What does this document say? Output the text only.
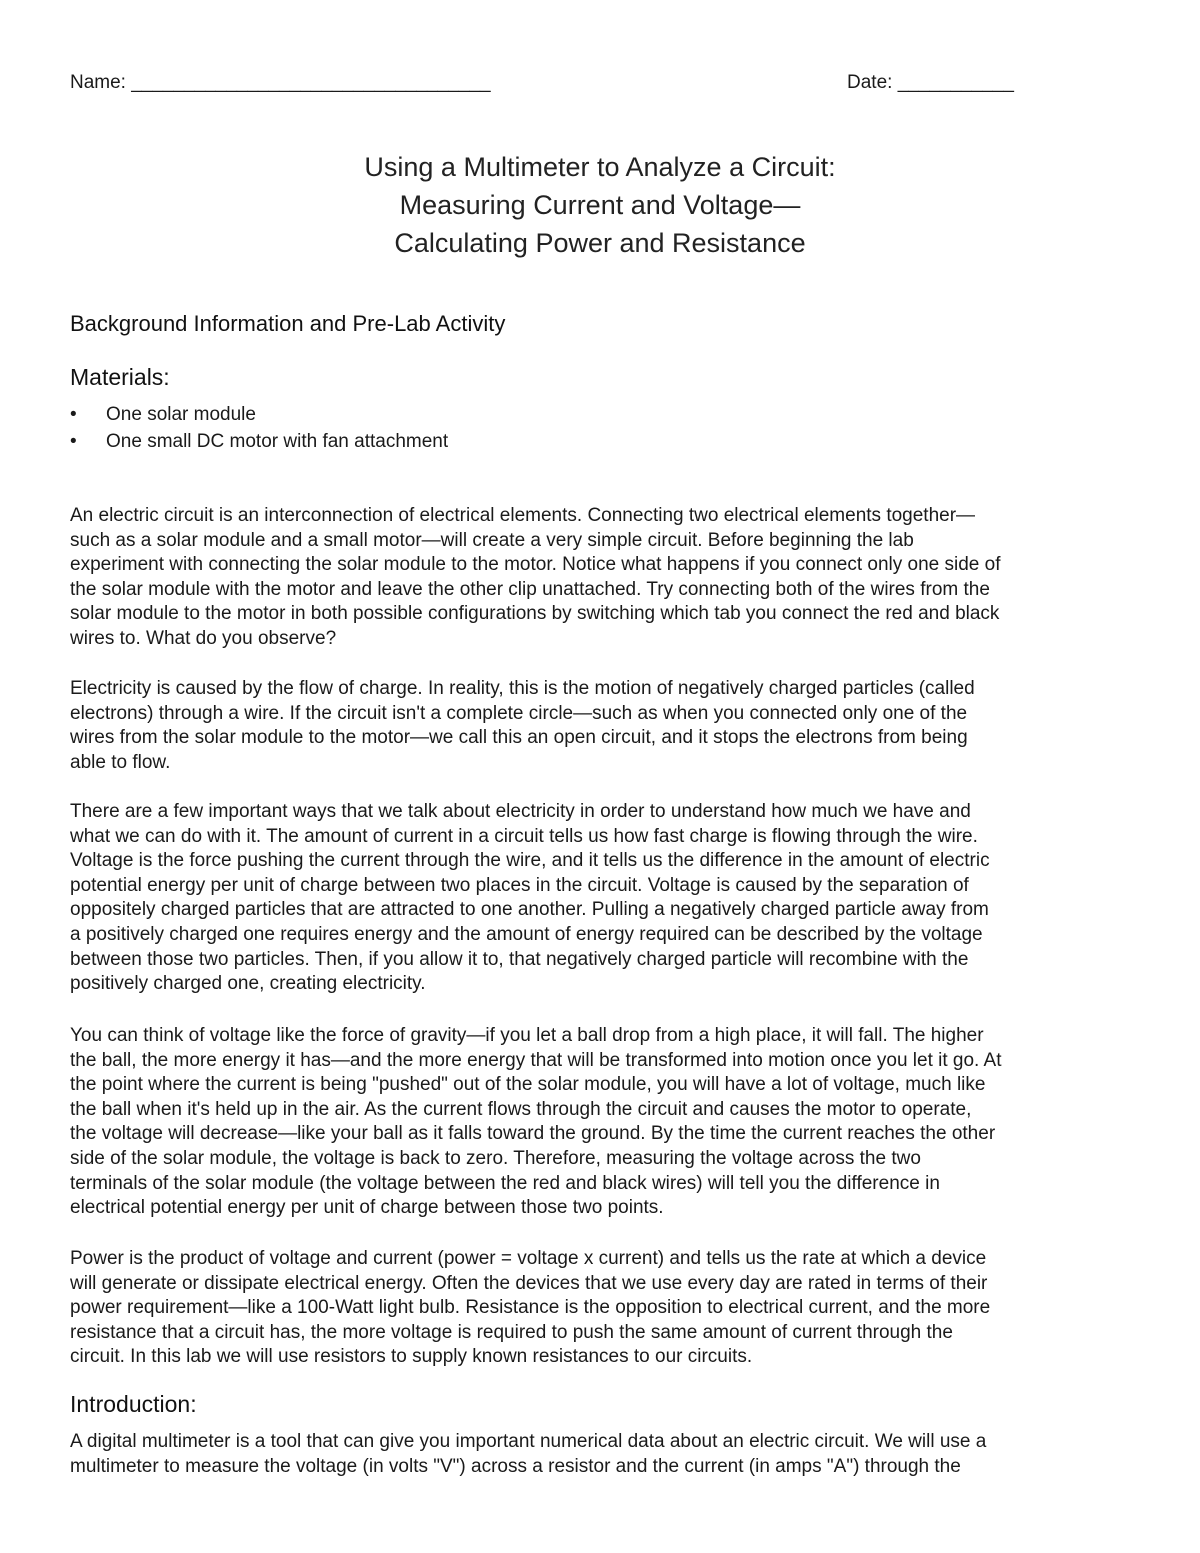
Name: __________________________________	Date: ___________
Using a Multimeter to Analyze a Circuit:
Measuring Current and Voltage—
Calculating Power and Resistance
Background Information and Pre-Lab Activity
Materials:
• One solar module
• One small DC motor with fan attachment
An electric circuit is an interconnection of electrical elements. Connecting two electrical elements together—
such as a solar module and a small motor—will create a very simple circuit. Before beginning the lab
experiment with connecting the solar module to the motor. Notice what happens if you connect only one side of
the solar module with the motor and leave the other clip unattached. Try connecting both of the wires from the
solar module to the motor in both possible configurations by switching which tab you connect the red and black
wires to. What do you observe?
Electricity is caused by the flow of charge. In reality, this is the motion of negatively charged particles (called
electrons) through a wire. If the circuit isn't a complete circle—such as when you connected only one of the
wires from the solar module to the motor—we call this an open circuit, and it stops the electrons from being
able to flow.
There are a few important ways that we talk about electricity in order to understand how much we have and
what we can do with it. The amount of current in a circuit tells us how fast charge is flowing through the wire.
Voltage is the force pushing the current through the wire, and it tells us the difference in the amount of electric
potential energy per unit of charge between two places in the circuit. Voltage is caused by the separation of
oppositely charged particles that are attracted to one another. Pulling a negatively charged particle away from
a positively charged one requires energy and the amount of energy required can be described by the voltage
between those two particles. Then, if you allow it to, that negatively charged particle will recombine with the
positively charged one, creating electricity.
You can think of voltage like the force of gravity—if you let a ball drop from a high place, it will fall. The higher
the ball, the more energy it has—and the more energy that will be transformed into motion once you let it go. At
the point where the current is being "pushed" out of the solar module, you will have a lot of voltage, much like
the ball when it's held up in the air. As the current flows through the circuit and causes the motor to operate,
the voltage will decrease—like your ball as it falls toward the ground. By the time the current reaches the other
side of the solar module, the voltage is back to zero. Therefore, measuring the voltage across the two
terminals of the solar module (the voltage between the red and black wires) will tell you the difference in
electrical potential energy per unit of charge between those two points.
Power is the product of voltage and current (power = voltage x current) and tells us the rate at which a device
will generate or dissipate electrical energy. Often the devices that we use every day are rated in terms of their
power requirement—like a 100-Watt light bulb. Resistance is the opposition to electrical current, and the more
resistance that a circuit has, the more voltage is required to push the same amount of current through the
circuit. In this lab we will use resistors to supply known resistances to our circuits.
Introduction:
A digital multimeter is a tool that can give you important numerical data about an electric circuit. We will use a
multimeter to measure the voltage (in volts "V") across a resistor and the current (in amps "A") through the
